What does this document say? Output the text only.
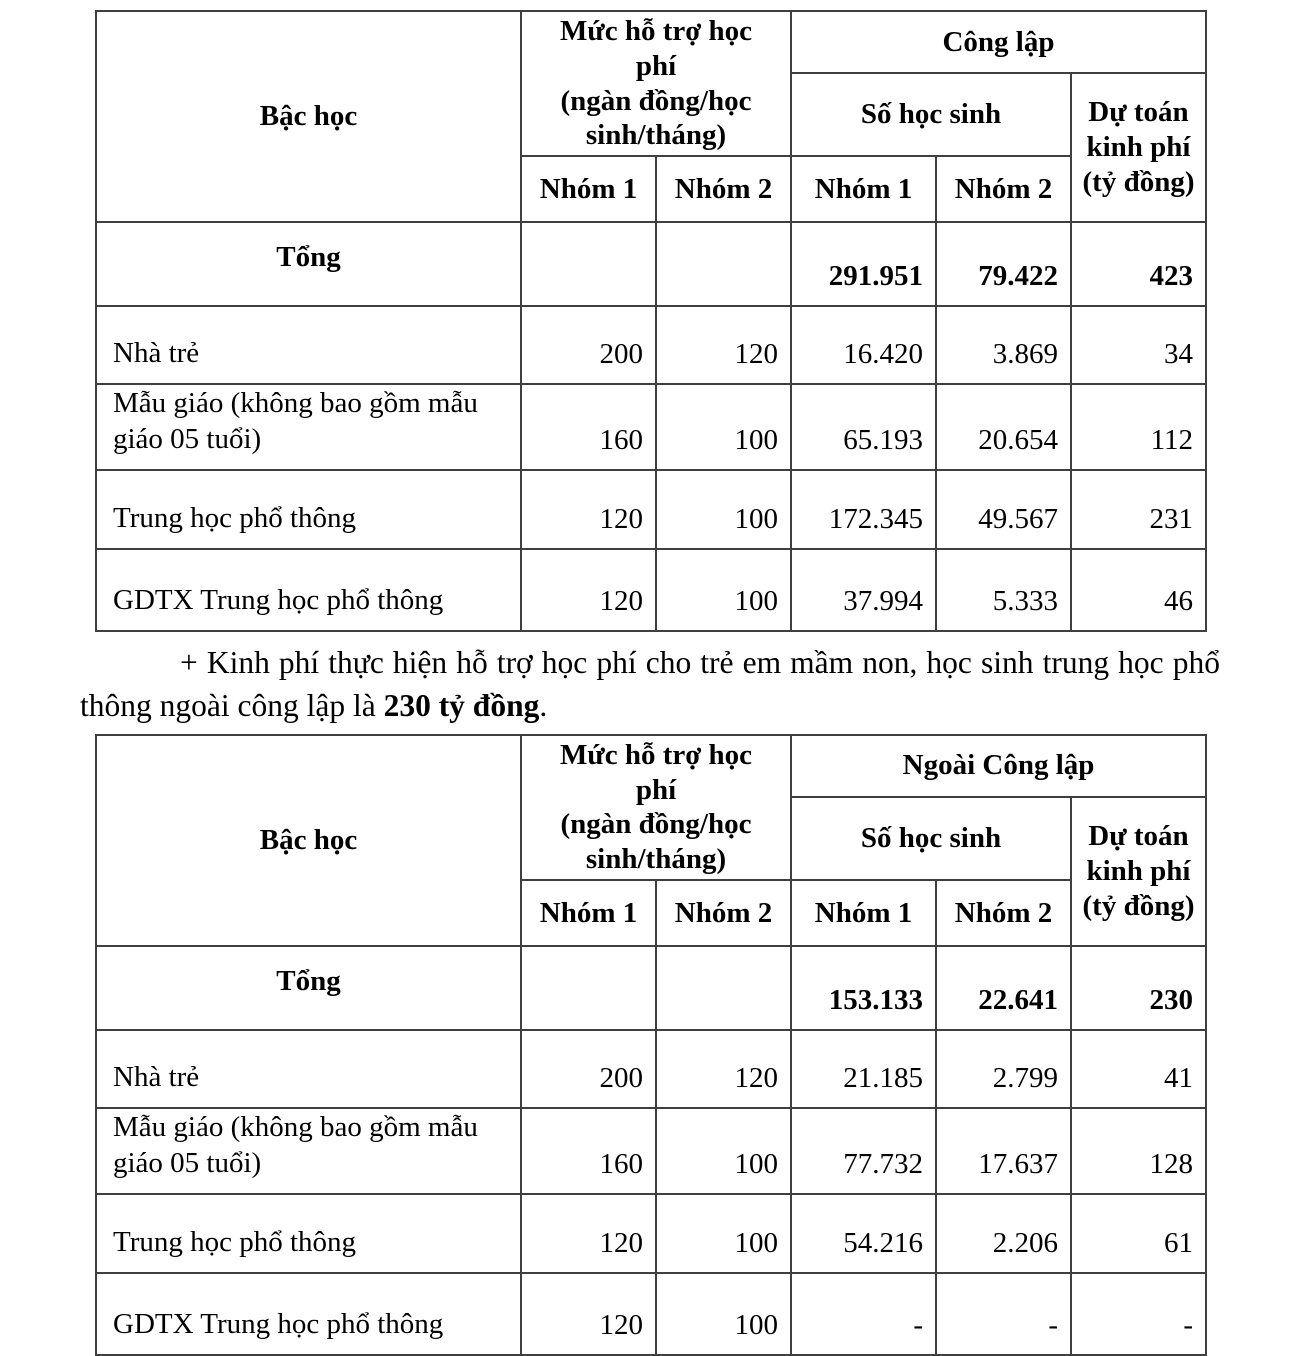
Bậc học	Mức hỗ trợ học phí
(ngàn đồng/học sinh/tháng)		Công lập		
			Số học sinh		Dự toán kinh phí (tỷ đồng)

	Nhóm 1	Nhóm 2	Nhóm 1	Nhóm 2	
Tổng			291.951	79.422	423
Nhà trẻ	200	120	16.420	3.869	34
Mẫu giáo (không bao gồm mẫu giáo 05 tuổi)	160	100	65.193	20.654	112
Trung học phổ thông	120	100	172.345	49.567	231
GDTX Trung học phổ thông	120	100	37.994	5.333	46

+ Kinh phí thực hiện hỗ trợ học phí cho trẻ em mầm non, học sinh trung học phổ thông ngoài công lập là 230 tỷ đồng.

Bậc học	Mức hỗ trợ học phí
(ngàn đồng/học sinh/tháng)		Ngoài Công lập		
			Số học sinh		Dự toán kinh phí (tỷ đồng)

	Nhóm 1	Nhóm 2	Nhóm 1	Nhóm 2	
Tổng			153.133	22.641	230
Nhà trẻ	200	120	21.185	2.799	41
Mẫu giáo (không bao gồm mẫu giáo 05 tuổi)	160	100	77.732	17.637	128
Trung học phổ thông	120	100	54.216	2.206	61
GDTX Trung học phổ thông	120	100	-	-	-
